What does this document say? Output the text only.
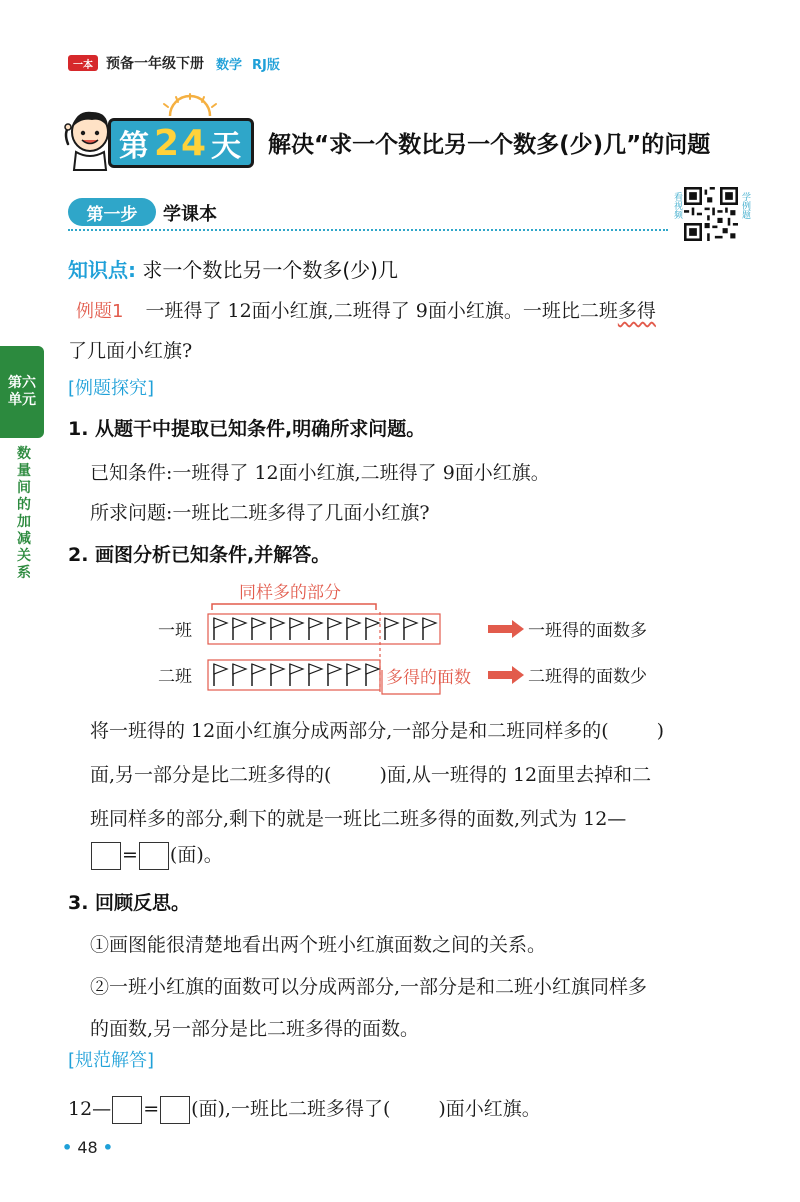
一本 预备一年级下册 数学 RJ版
第 24 天 解决“求一个数比另一个数多(少)几”的问题
第一步	学课本	看视频	学例题
第六
单元
数
量
间
的
加
减
关
系
知识点: 求一个数比另一个数多(少)几
例题1 一班得了 12面小红旗,二班得了 9面小红旗。一班比二班多得
了几面小红旗?
[例题探究]
1. 从题干中提取已知条件,明确所求问题。
已知条件:一班得了 12面小红旗,二班得了 9面小红旗。
所求问题:一班比二班多得了几面小红旗?
2. 画图分析已知条件,并解答。
同样多的部分
一班
二班	多得的面数
一班得的面数多
二班得的面数少
将一班得的 12面小红旗分成两部分,一部分是和二班同样多的(	)
面,另一部分是比二班多得的(	)面,从一班得的 12面里去掉和二
班同样多的部分,剩下的就是一班比二班多得的面数,列式为 12—
= (面)。
3. 回顾反思。
①画图能很清楚地看出两个班小红旗面数之间的关系。
②一班小红旗的面数可以分成两部分,一部分是和二班小红旗同样多
的面数,另一部分是比二班多得的面数。
[规范解答]
12— = (面),一班比二班多得了(	)面小红旗。
• 48 •
